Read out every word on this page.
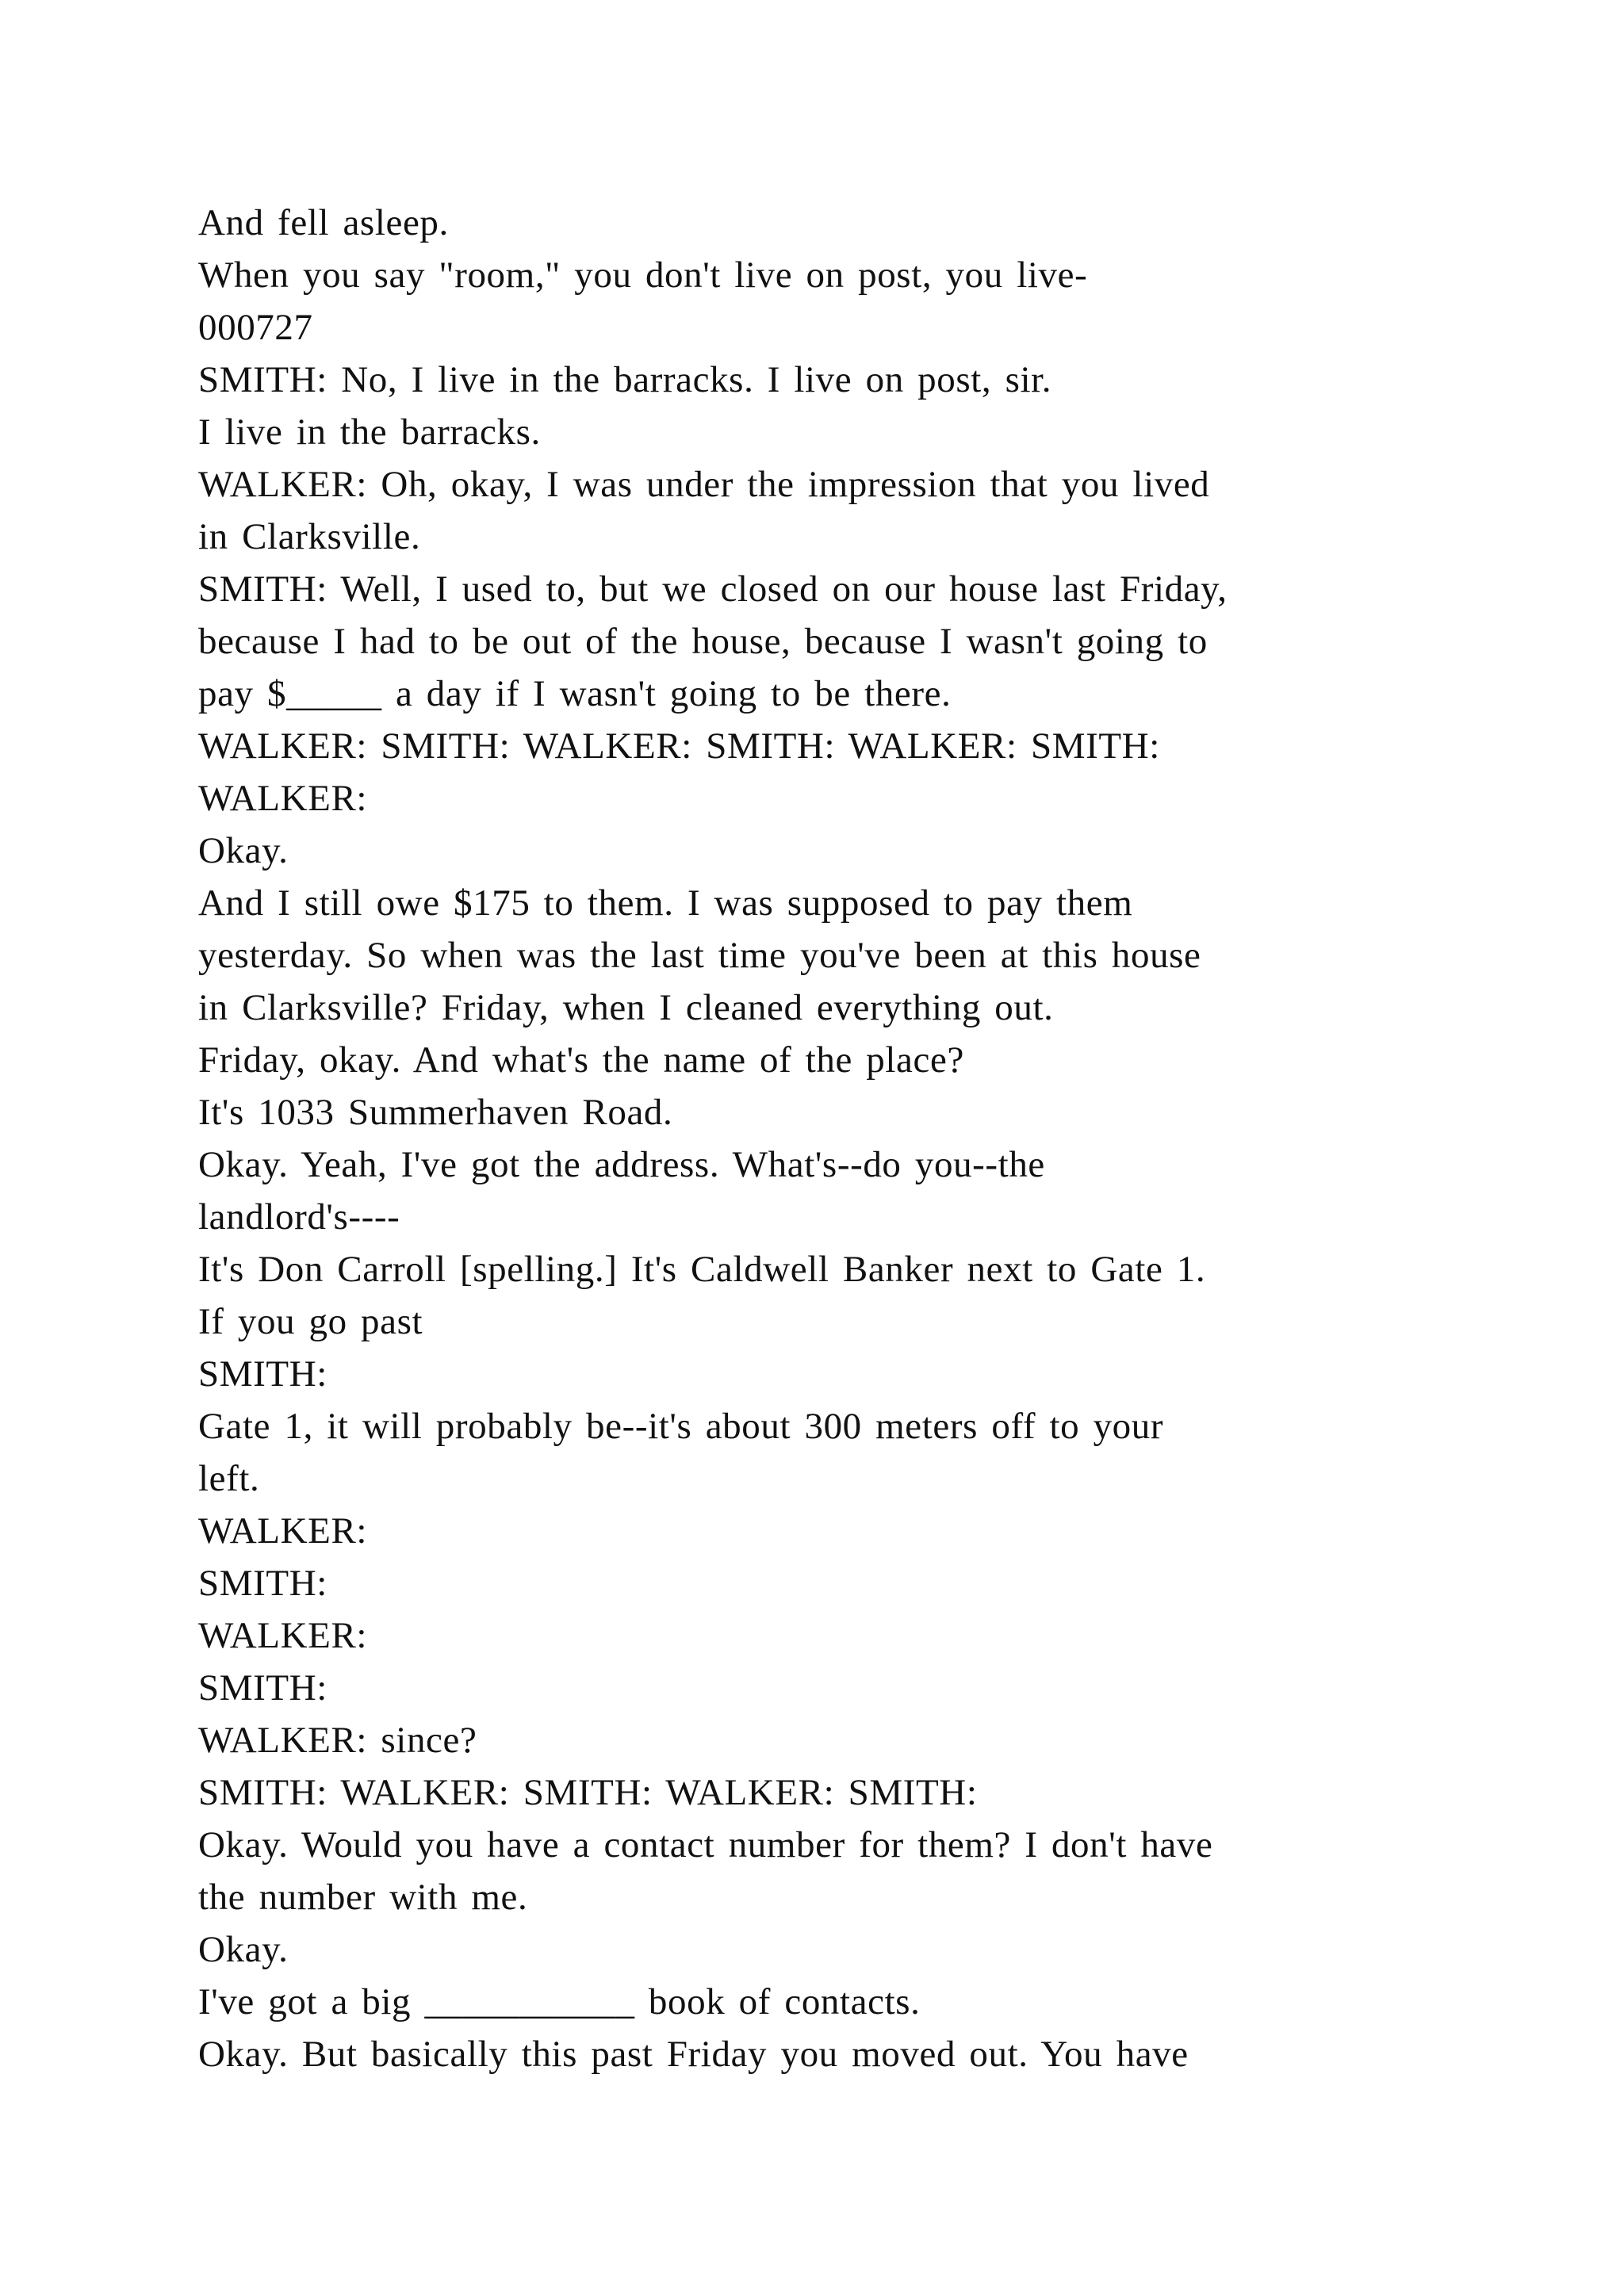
And fell asleep.
When you say "room," you don't live on post, you live-
000727
SMITH: No, I live in the barracks. I live on post, sir.
I live in the barracks.
WALKER: Oh, okay, I was under the impression that you lived
in Clarksville.
SMITH: Well, I used to, but we closed on our house last Friday,
because I had to be out of the house, because I wasn't going to
pay $_____ a day if I wasn't going to be there.
WALKER: SMITH: WALKER: SMITH: WALKER: SMITH:
WALKER:
Okay.
And I still owe $175 to them. I was supposed to pay them
yesterday. So when was the last time you've been at this house
in Clarksville? Friday, when I cleaned everything out.
Friday, okay. And what's the name of the place?
It's 1033 Summerhaven Road.
Okay. Yeah, I've got the address. What's--do you--the
landlord's----
It's Don Carroll [spelling.] It's Caldwell Banker next to Gate 1.
If you go past
SMITH:
Gate 1, it will probably be--it's about 300 meters off to your
left.
WALKER:
SMITH:
WALKER:
SMITH:
WALKER: since?
SMITH: WALKER: SMITH: WALKER: SMITH:
Okay. Would you have a contact number for them? I don't have
the number with me.
Okay.
I've got a big ___________ book of contacts.
Okay. But basically this past Friday you moved out. You have
